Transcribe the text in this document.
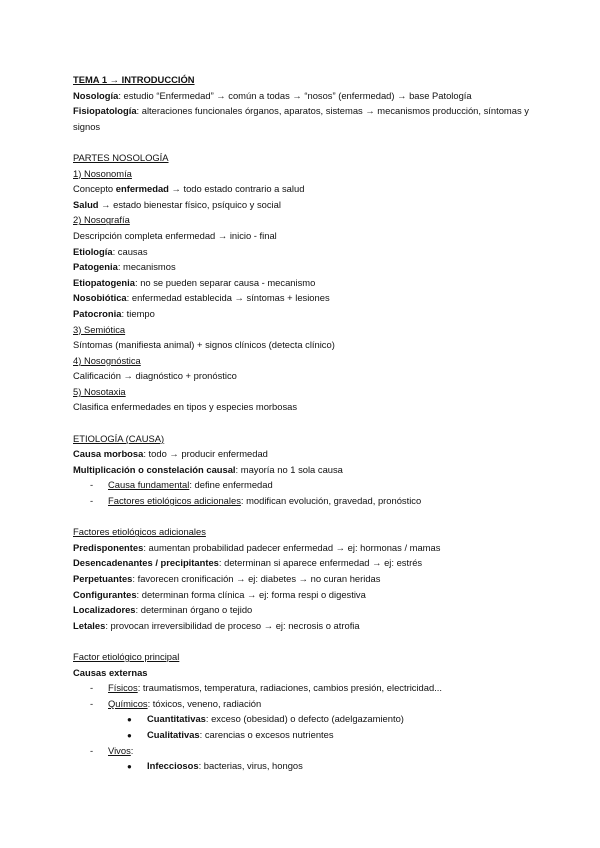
TEMA 1 → INTRODUCCIÓN
Nosología: estudio “Enfermedad” → común a todas → “nosos” (enfermedad) → base Patología
Fisiopatología: alteraciones funcionales órganos, aparatos, sistemas → mecanismos producción, síntomas y signos
PARTES NOSOLOGÍA
1) Nosonomía
Concepto enfermedad → todo estado contrario a salud
Salud → estado bienestar físico, psíquico y social
2) Nosografía
Descripción completa enfermedad → inicio - final
Etiología: causas
Patogenia: mecanismos
Etiopatogenia: no se pueden separar causa - mecanismo
Nosobiótica: enfermedad establecida → síntomas + lesiones
Patocronia: tiempo
3) Semiótica
Síntomas (manifiesta animal) + signos clínicos (detecta clínico)
4) Nosognóstica
Calificación → diagnóstico + pronóstico
5) Nosotaxia
Clasifica enfermedades en tipos y especies morbosas
ETIOLOGÍA (CAUSA)
Causa morbosa: todo → producir enfermedad
Multiplicación o constelación causal: mayoría no 1 sola causa
- Causa fundamental: define enfermedad
- Factores etiológicos adicionales: modifican evolución, gravedad, pronóstico
Factores etiológicos adicionales
Predisponentes: aumentan probabilidad padecer enfermedad → ej: hormonas / mamas
Desencadenantes / precipitantes: determinan si aparece enfermedad → ej: estrés
Perpetuantes: favorecen cronificación → ej: diabetes → no curan heridas
Configurantes: determinan forma clínica → ej: forma respi o digestiva
Localizadores: determinan órgano o tejido
Letales: provocan irreversibilidad de proceso → ej: necrosis o atrofia
Factor etiológico principal
Causas externas
- Físicos: traumatismos, temperatura, radiaciones, cambios presión, electricidad...
- Químicos: tóxicos, veneno, radiación
● Cuantitativas: exceso (obesidad) o defecto (adelgazamiento)
● Cualitativas: carencias o excesos nutrientes
- Vivos:
● Infecciosos: bacterias, virus, hongos
